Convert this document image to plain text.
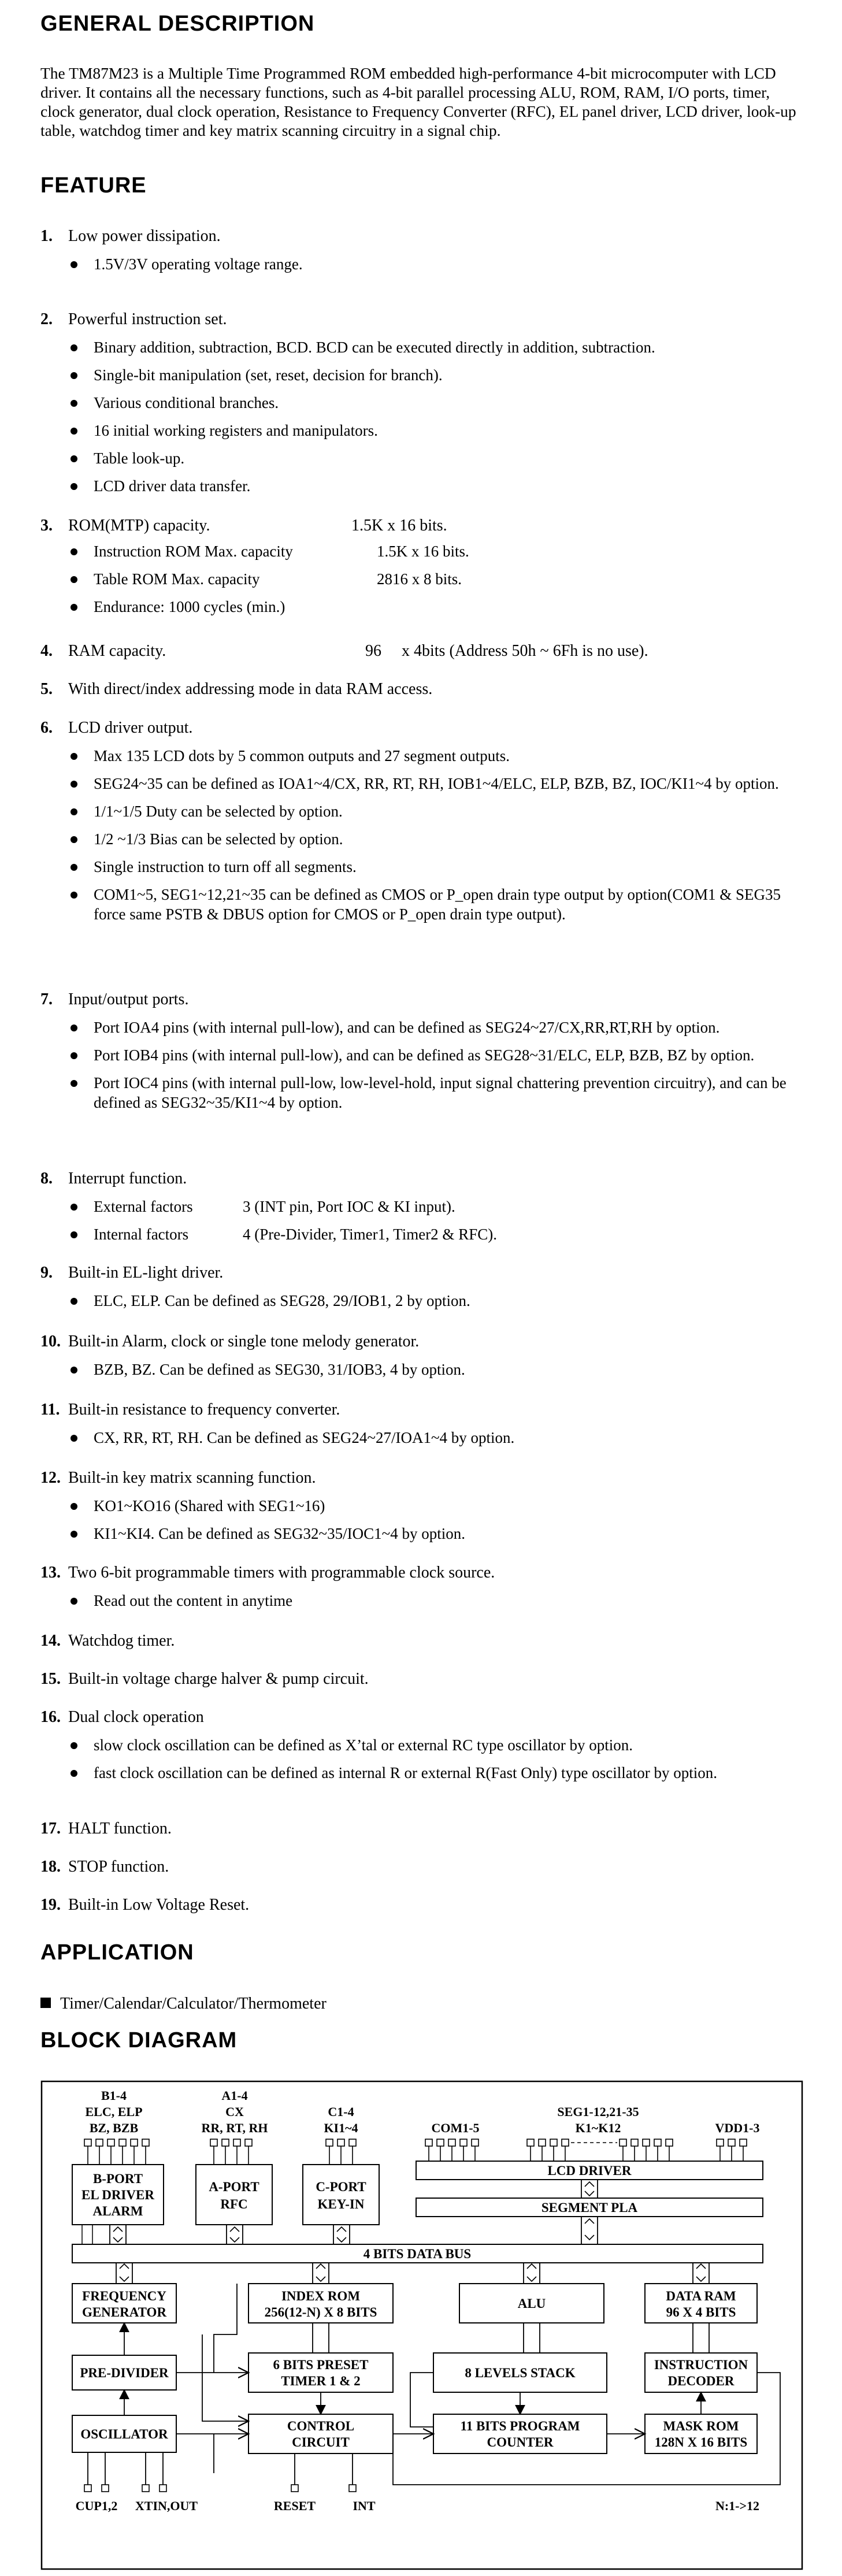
GENERAL DESCRIPTION

The TM87M23 is a Multiple Time Programmed ROM embedded high-performance 4-bit microcomputer with LCD driver. It contains all the necessary functions, such as 4-bit parallel processing ALU, ROM, RAM, I/O ports, timer, clock generator, dual clock operation, Resistance to Frequency Converter (RFC), EL panel driver, LCD driver, look-up table, watchdog timer and key matrix scanning circuitry in a signal chip.

FEATURE
1. Low power dissipation.
1.5V/3V operating voltage range.
2. Powerful instruction set.
Binary addition, subtraction, BCD. BCD can be executed directly in addition, subtraction.
Single-bit manipulation (set, reset, decision for branch).
Various conditional branches.
16 initial working registers and manipulators.
Table look-up.
LCD driver data transfer.
3. ROM(MTP) capacity.	1.5K x 16 bits.
Instruction ROM Max. capacity	1.5K x 16 bits.
Table ROM Max. capacity	2816 x 8 bits.
Endurance: 1000 cycles (min.)
4. RAM capacity.	96     x 4bits (Address 50h ~ 6Fh is no use).
5. With direct/index addressing mode in data RAM access.
6. LCD driver output.
Max 135 LCD dots by 5 common outputs and 27 segment outputs.
SEG24~35 can be defined as IOA1~4/CX, RR, RT, RH, IOB1~4/ELC, ELP, BZB, BZ, IOC/KI1~4 by option.
1/1~1/5 Duty can be selected by option.
1/2 ~1/3 Bias can be selected by option.
Single instruction to turn off all segments.
COM1~5, SEG1~12,21~35 can be defined as CMOS or P_open drain type output by option(COM1 & SEG35 force same PSTB & DBUS option for CMOS or P_open drain type output).
7. Input/output ports.
Port IOA4 pins (with internal pull-low), and can be defined as SEG24~27/CX,RR,RT,RH by option.
Port IOB4 pins (with internal pull-low), and can be defined as SEG28~31/ELC, ELP, BZB, BZ by option.
Port IOC4 pins (with internal pull-low, low-level-hold, input signal chattering prevention circuitry), and can be defined as SEG32~35/KI1~4 by option.
8. Interrupt function.
External factors	3 (INT pin, Port IOC & KI input).
Internal factors	4 (Pre-Divider, Timer1, Timer2 & RFC).
9. Built-in EL-light driver.
ELC, ELP. Can be defined as SEG28, 29/IOB1, 2 by option.
10. Built-in Alarm, clock or single tone melody generator.
BZB, BZ. Can be defined as SEG30, 31/IOB3, 4 by option.
11. Built-in resistance to frequency converter.
CX, RR, RT, RH. Can be defined as SEG24~27/IOA1~4 by option.
12. Built-in key matrix scanning function.
KO1~KO16 (Shared with SEG1~16)
KI1~KI4. Can be defined as SEG32~35/IOC1~4 by option.
13. Two 6-bit programmable timers with programmable clock source.
Read out the content in anytime
14. Watchdog timer.
15. Built-in voltage charge halver & pump circuit.
16. Dual clock operation
slow clock oscillation can be defined as X’tal or external RC type oscillator by option.
fast clock oscillation can be defined as internal R or external R(Fast Only) type oscillator by option.
17. HALT function.
18. STOP function.
19. Built-in Low Voltage Reset.
APPLICATION
Timer/Calendar/Calculator/Thermometer
BLOCK DIAGRAM
B1-4
ELC, ELP
BZ, BZB
A1-4
CX
RR, RT, RH
C1-4
KI1~4	COM1-5
SEG1-12,21-35
K1~K12	VDD1-3
B-PORT
EL DRIVER
ALARM
A-PORT
RFC
C-PORT
KEY-IN
LCD DRIVER
SEGMENT PLA
4 BITS DATA BUS
FREQUENCY
GENERATOR
INDEX ROM
256(12-N) X 8 BITS
ALU
DATA RAM
96 X 4 BITS
PRE-DIVIDER
6 BITS PRESET
TIMER 1 & 2
8 LEVELS STACK
INSTRUCTION
DECODER
OSCILLATOR
CONTROL
CIRCUIT
11 BITS PROGRAM
COUNTER
MASK ROM
128N X 16 BITS
CUP1,2 XTIN,OUT	RESET	INT	N:1->12
